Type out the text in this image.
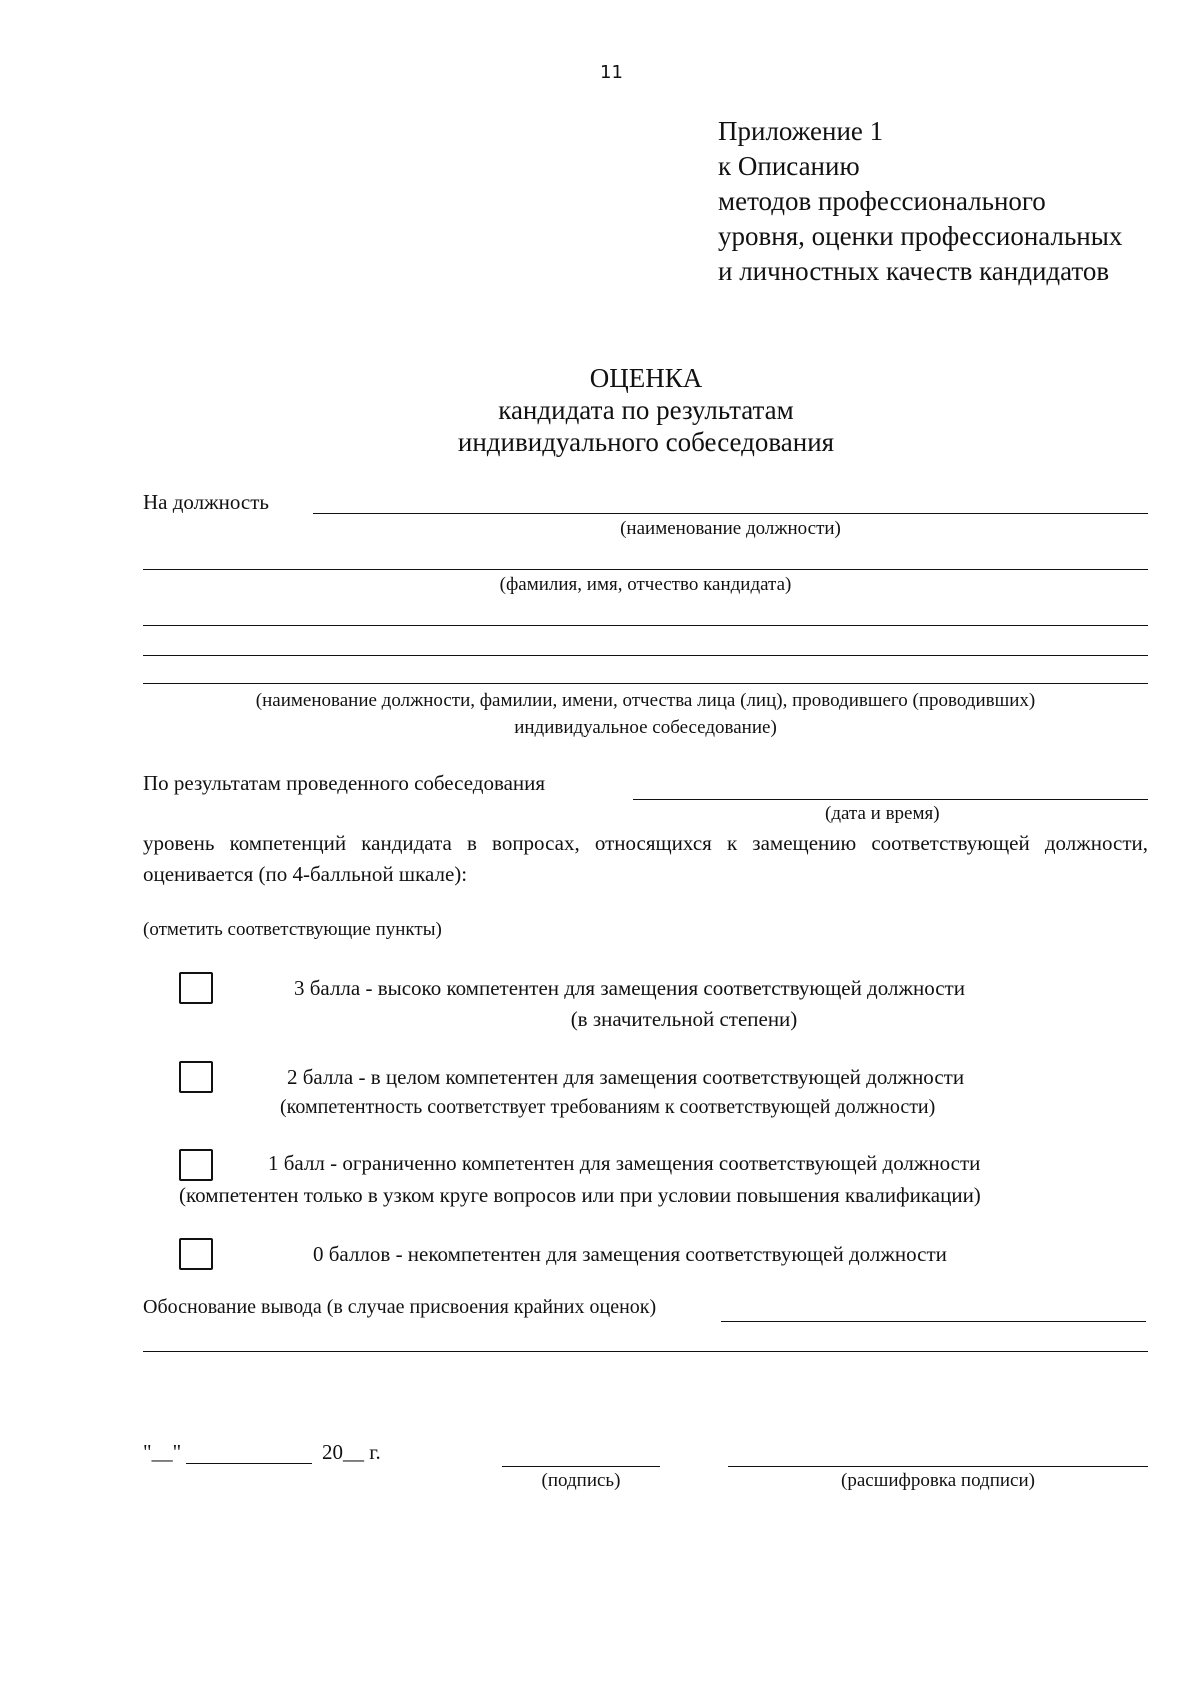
11
Приложение 1
к Описанию
методов профессионального
уровня, оценки профессиональных
и личностных качеств кандидатов
ОЦЕНКА
кандидата по результатам
индивидуального собеседования
На должность
(наименование должности)
(фамилия, имя, отчество кандидата)
(наименование должности, фамилии, имени, отчества лица (лиц), проводившего (проводивших)
индивидуальное собеседование)
По результатам проведенного собеседования
(дата и время)
уровень компетенций кандидата в вопросах, относящихся к замещению соответствующей должности, оценивается (по 4-балльной шкале):
(отметить соответствующие пункты)
3 балла - высоко компетентен для замещения соответствующей должности
(в значительной степени)
2 балла - в целом компетентен для замещения соответствующей должности
(компетентность соответствует требованиям к соответствующей должности)
1 балл - ограниченно компетентен для замещения соответствующей должности
(компетентен только в узком круге вопросов или при условии повышения квалификации)
0 баллов - некомпетентен для замещения соответствующей должности
Обоснование вывода (в случае присвоения крайних оценок)
"__"	20__ г.
(подпись)	(расшифровка подписи)
